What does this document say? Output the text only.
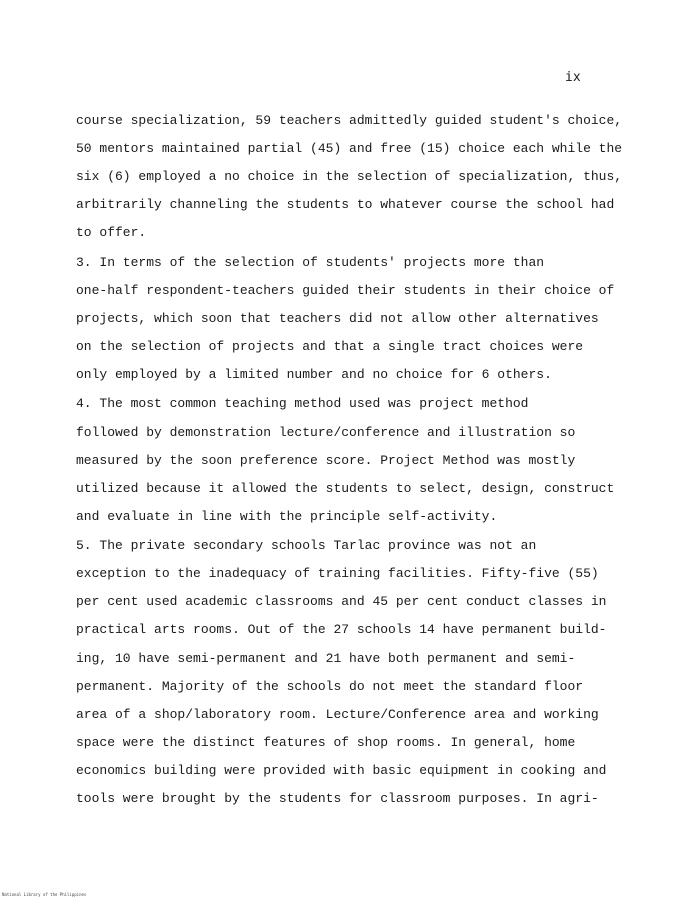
ix

course specialization, 59 teachers admittedly guided student's choice,

50 mentors maintained partial (45) and free (15) choice each while the

six (6) employed a no choice in the selection of specialization, thus,

arbitrarily channeling the students to whatever course the school had

to offer.

3. In terms of the selection of students' projects more than

one-half respondent-teachers guided their students in their choice of

projects, which soon that teachers did not allow other alternatives

on the selection of projects and that a single tract choices were

only employed by a limited number and no choice for 6 others.

4. The most common teaching method used was project method

followed by demonstration lecture/conference and illustration so

measured by the soon preference score. Project Method was mostly

utilized because it allowed the students to select, design, construct

and evaluate in line with the principle self-activity.

5. The private secondary schools Tarlac province was not an

exception to the inadequacy of training facilities. Fifty-five (55)

per cent used academic classrooms and 45 per cent conduct classes in

practical arts rooms. Out of the 27 schools 14 have permanent build-

ing, 10 have semi-permanent and 21 have both permanent and semi-

permanent. Majority of the schools do not meet the standard floor

area of a shop/laboratory room. Lecture/Conference area and working

space were the distinct features of shop rooms. In general, home

economics building were provided with basic equipment in cooking and

tools were brought by the students for classroom purposes. In agri-

National Library of the Philippines
